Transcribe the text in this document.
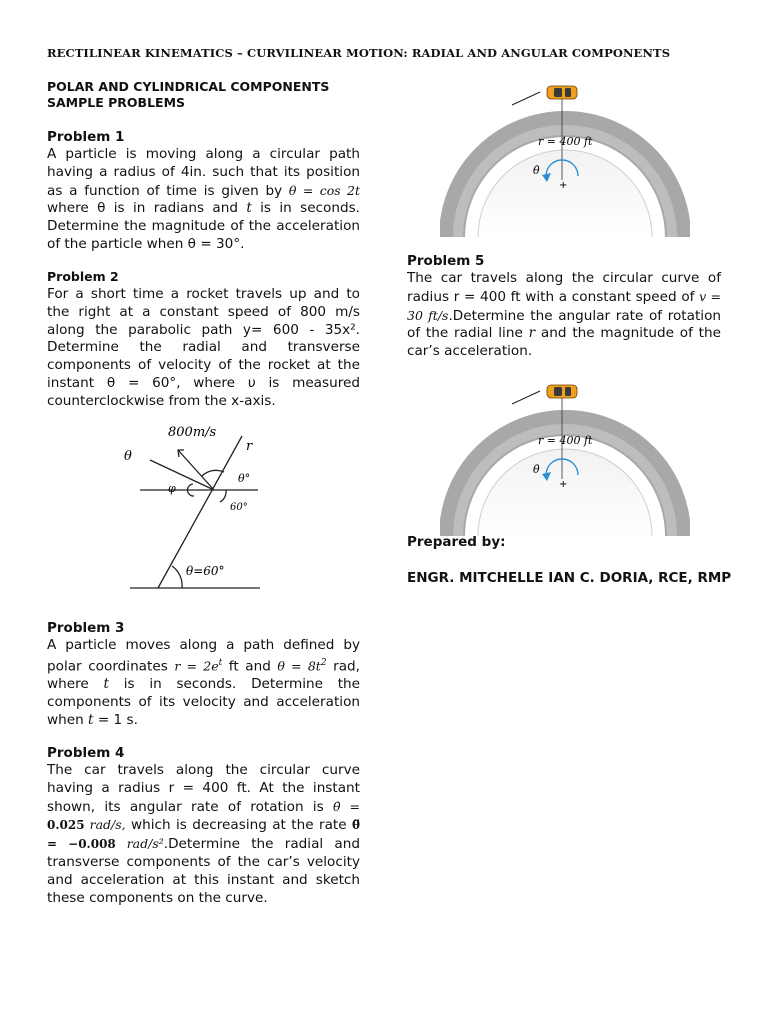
RECTILINEAR KINEMATICS – CURVILINEAR MOTION: RADIAL AND ANGULAR COMPONENTS
POLAR AND CYLINDRICAL COMPONENTS
SAMPLE PROBLEMS

Problem 1

A particle is moving along a circular path having a radius of 4in. such that its position as a function of time is given by θ = cos 2t where θ is in radians and t is in seconds. Determine the magnitude of the acceleration of the particle when θ = 30°.

Problem 2

For a short time a rocket travels up and to the right at a constant speed of 800 m/s along the parabolic path y= 600 - 35x². Determine the radial and transverse components of velocity of the rocket at the instant θ = 60°, where υ is measured counterclockwise from the x-axis.

800m/s
θ
r
φ
θ°
60°
θ=60°

Problem 3

A particle moves along a path defined by polar coordinates $r = 2e^t$ ft and $\theta = 8t^2$ rad, where t is in seconds. Determine the components of its velocity and acceleration when t = 1 s.

Problem 4

The car travels along the circular curve having a radius r = 400 ft. At the instant shown, its angular rate of rotation is θ̇ = 0.025 rad/s, which is decreasing at the rate θ̈ = −0.008 rad/s².Determine the radial and transverse components of the car’s velocity and acceleration at this instant and sketch these components on the curve.

Problem 5

The car travels along the circular curve of radius r = 400 ft with a constant speed of v = 30 ft/s.Determine the angular rate of rotation of the radial line r and the magnitude of the car’s acceleration.

r = 400 ft
θ̇
+
r = 400 ft
θ̇
+
Prepared by:
ENGR. MITCHELLE IAN C. DORIA, RCE, RMP
